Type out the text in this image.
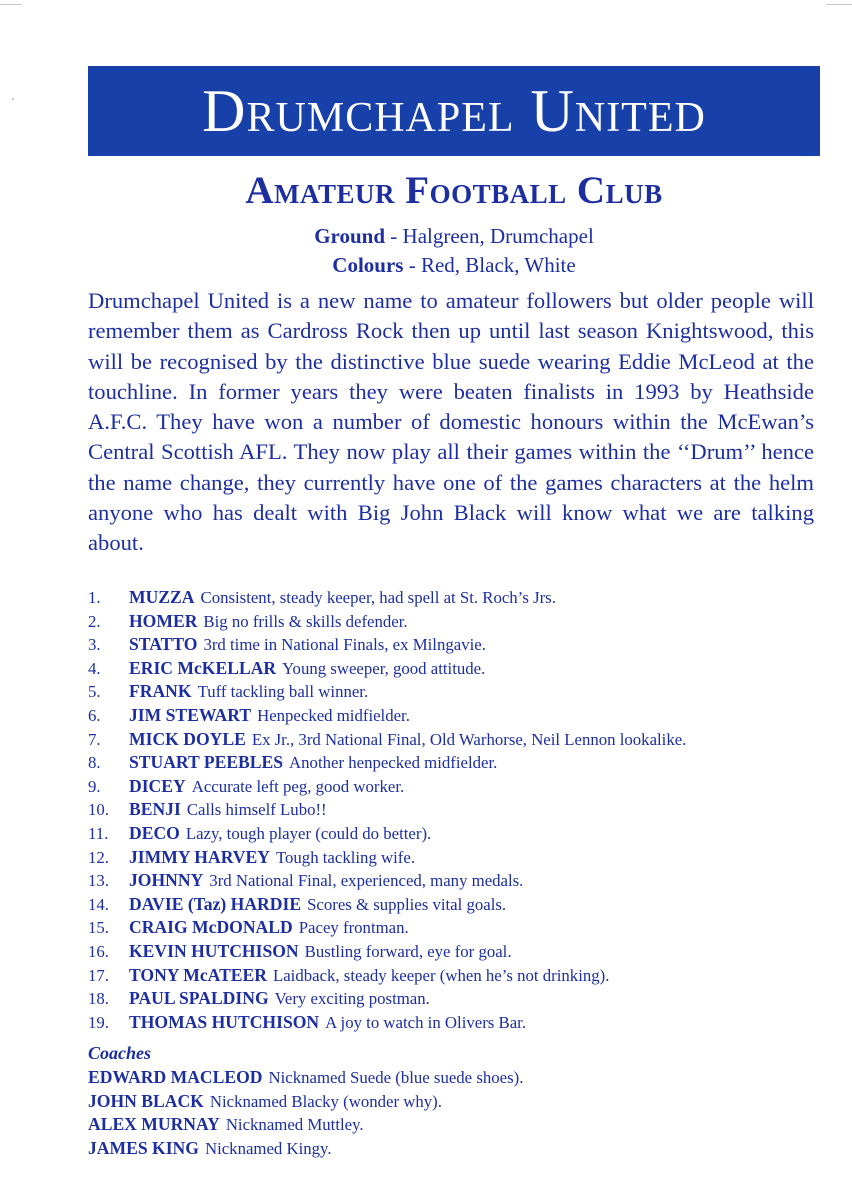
Drumchapel United
Amateur Football Club
Ground - Halgreen, Drumchapel
Colours - Red, Black, White

Drumchapel United is a new name to amateur followers but older people will remember them as Cardross Rock then up until last season Knightswood, this will be recognised by the distinctive blue suede wearing Eddie McLeod at the touchline. In former years they were beaten finalists in 1993 by Heathside A.F.C. They have won a number of domestic honours within the McEwan’s Central Scottish AFL. They now play all their games within the ‘‘Drum’’ hence the name change, they currently have one of the games characters at the helm anyone who has dealt with Big John Black will know what we are talking about.

1. MUZZA Consistent, steady keeper, had spell at St. Roch’s Jrs.
2. HOMER Big no frills & skills defender.
3. STATTO 3rd time in National Finals, ex Milngavie.
4. ERIC McKELLAR Young sweeper, good attitude.
5. FRANK Tuff tackling ball winner.
6. JIM STEWART Henpecked midfielder.
7. MICK DOYLE Ex Jr., 3rd National Final, Old Warhorse, Neil Lennon lookalike.
8. STUART PEEBLES Another henpecked midfielder.
9. DICEY Accurate left peg, good worker.
10. BENJI Calls himself Lubo!!
11. DECO Lazy, tough player (could do better).
12. JIMMY HARVEY Tough tackling wife.
13. JOHNNY 3rd National Final, experienced, many medals.
14. DAVIE (Taz) HARDIE Scores & supplies vital goals.
15. CRAIG McDONALD Pacey frontman.
16. KEVIN HUTCHISON Bustling forward, eye for goal.
17. TONY McATEER Laidback, steady keeper (when he’s not drinking).
18. PAUL SPALDING Very exciting postman.
19. THOMAS HUTCHISON A joy to watch in Olivers Bar.
Coaches
EDWARD MACLEOD Nicknamed Suede (blue suede shoes).
JOHN BLACK Nicknamed Blacky (wonder why).
ALEX MURNAY Nicknamed Muttley.
JAMES KING Nicknamed Kingy.
